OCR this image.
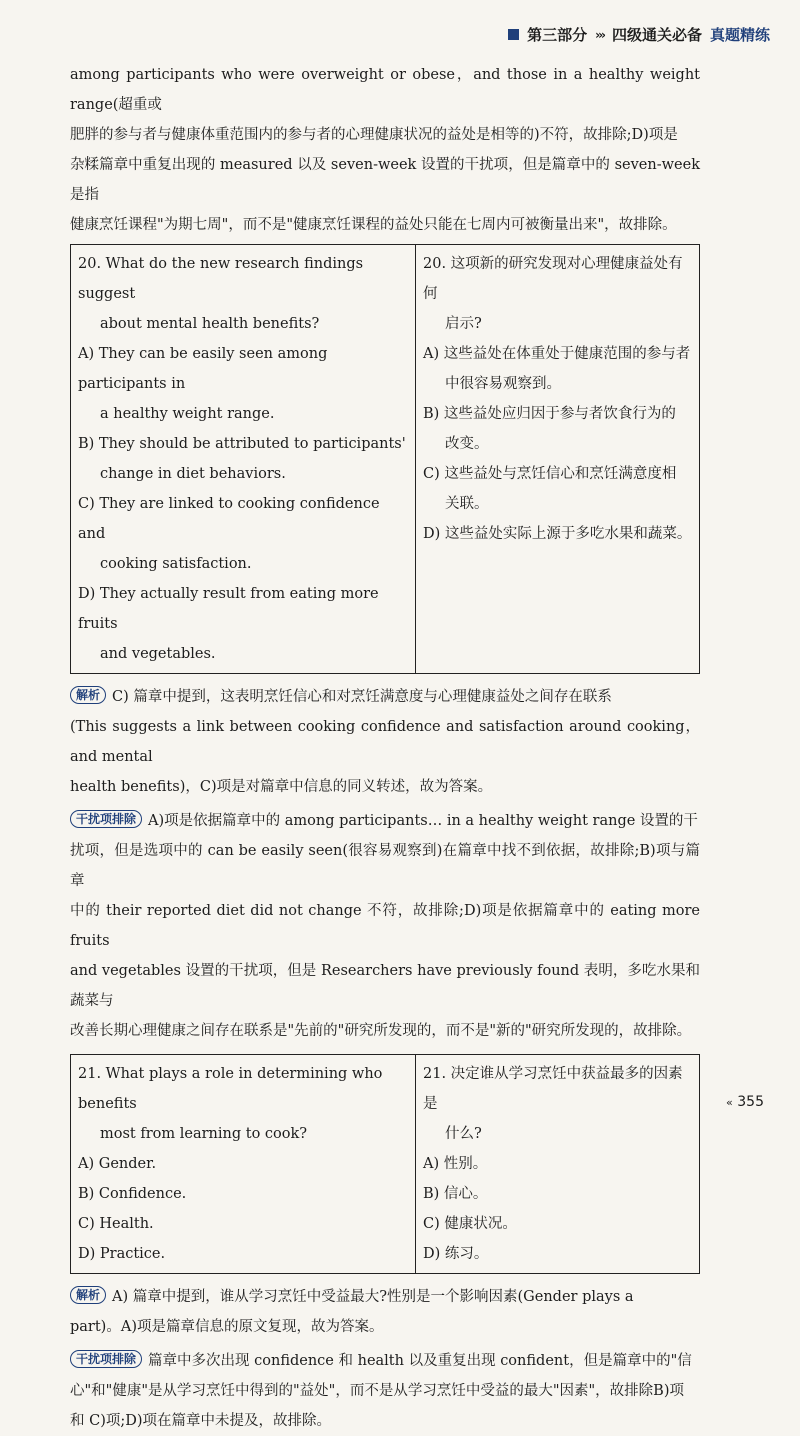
第三部分 ››› 四级通关必备 真题精练

among participants who were overweight or obese，and those in a healthy weight range(超重或

肥胖的参与者与健康体重范围内的参与者的心理健康状况的益处是相等的)不符，故排除;D)项是

杂糅篇章中重复出现的 measured 以及 seven-week 设置的干扰项，但是篇章中的 seven-week 是指

健康烹饪课程"为期七周"，而不是"健康烹饪课程的益处只能在七周内可被衡量出来"，故排除。

20. What do the new research findings suggest
about mental health benefits?
A) They can be easily seen among participants in
a healthy weight range.
B) They should be attributed to participants'
change in diet behaviors.
C) They are linked to cooking confidence and
cooking satisfaction.
D) They actually result from eating more fruits
and vegetables.

20. 这项新的研究发现对心理健康益处有何
启示?
A) 这些益处在体重处于健康范围的参与者
中很容易观察到。
B) 这些益处应归因于参与者饮食行为的
改变。
C) 这些益处与烹饪信心和烹饪满意度相
关联。
D) 这些益处实际上源于多吃水果和蔬菜。

解析 C) 篇章中提到，这表明烹饪信心和对烹饪满意度与心理健康益处之间存在联系

(This suggests a link between cooking confidence and satisfaction around cooking，and mental

health benefits)，C)项是对篇章中信息的同义转述，故为答案。

干扰项排除 A)项是依据篇章中的 among participants… in a healthy weight range 设置的干

扰项，但是选项中的 can be easily seen(很容易观察到)在篇章中找不到依据，故排除;B)项与篇章

中的 their reported diet did not change 不符，故排除;D)项是依据篇章中的 eating more fruits

and vegetables 设置的干扰项，但是 Researchers have previously found 表明，多吃水果和蔬菜与

改善长期心理健康之间存在联系是"先前的"研究所发现的，而不是"新的"研究所发现的，故排除。

21. What plays a role in determining who benefits
most from learning to cook?
A) Gender.
B) Confidence.
C) Health.
D) Practice.

21. 决定谁从学习烹饪中获益最多的因素是
什么?
A) 性别。
B) 信心。
C) 健康状况。
D) 练习。

解析 A) 篇章中提到，谁从学习烹饪中受益最大?性别是一个影响因素(Gender plays a

part)。A)项是篇章信息的原文复现，故为答案。

干扰项排除 篇章中多次出现 confidence 和 health 以及重复出现 confident，但是篇章中的"信

心"和"健康"是从学习烹饪中得到的"益处"，而不是从学习烹饪中受益的最大"因素"，故排除B)项

和 C)项;D)项在篇章中未提及，故排除。

‹‹ 355
